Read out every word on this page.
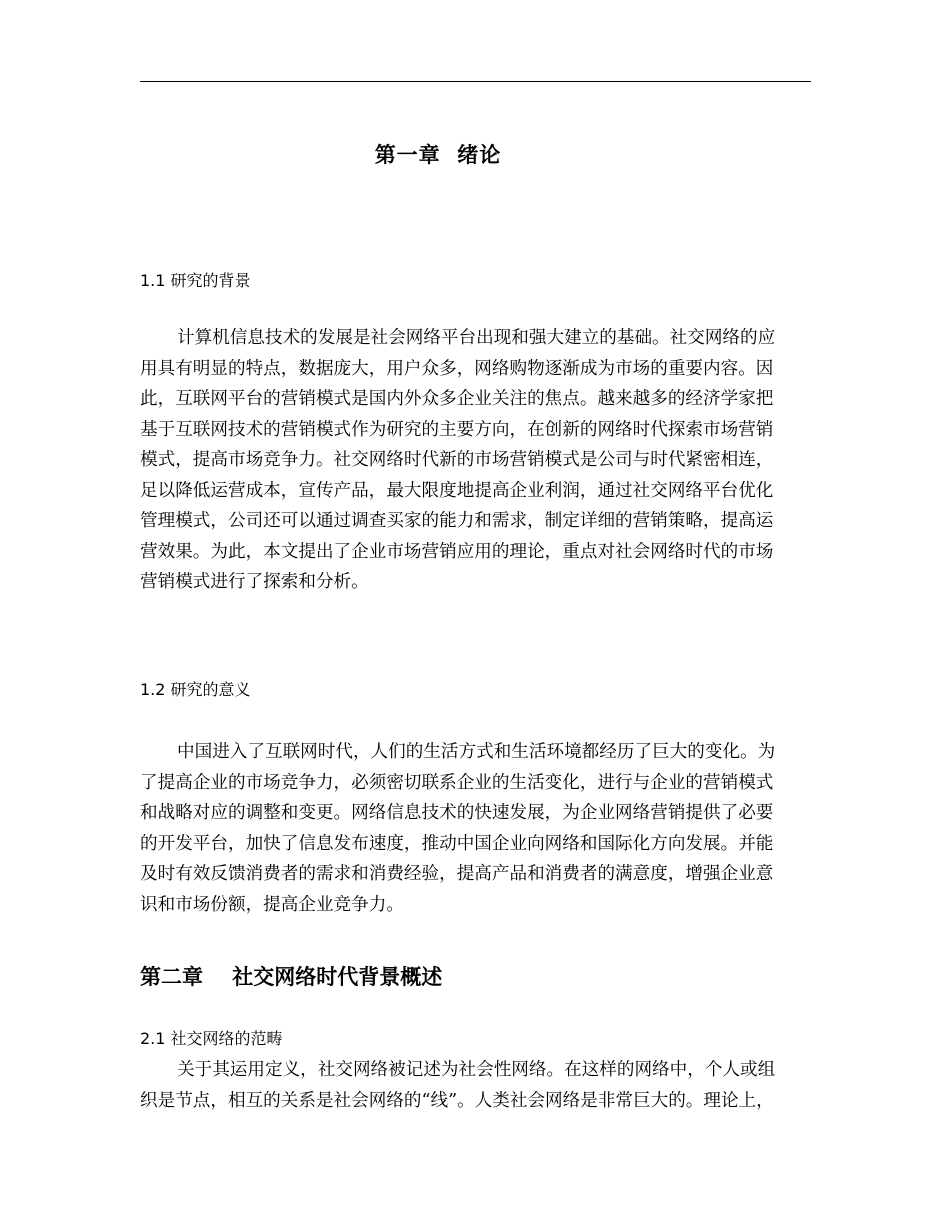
第一章  绪论
1.1 研究的背景
计算机信息技术的发展是社会网络平台出现和强大建立的基础。社交网络的应
用具有明显的特点，数据庞大，用户众多，网络购物逐渐成为市场的重要内容。因
此，互联网平台的营销模式是国内外众多企业关注的焦点。越来越多的经济学家把
基于互联网技术的营销模式作为研究的主要方向，在创新的网络时代探索市场营销
模式，提高市场竞争力。社交网络时代新的市场营销模式是公司与时代紧密相连，
足以降低运营成本，宣传产品，最大限度地提高企业利润，通过社交网络平台优化
管理模式，公司还可以通过调查买家的能力和需求，制定详细的营销策略，提高运
营效果。为此，本文提出了企业市场营销应用的理论，重点对社会网络时代的市场
营销模式进行了探索和分析。
1.2 研究的意义
中国进入了互联网时代，人们的生活方式和生活环境都经历了巨大的变化。为
了提高企业的市场竞争力，必须密切联系企业的生活变化，进行与企业的营销模式
和战略对应的调整和变更。网络信息技术的快速发展，为企业网络营销提供了必要
的开发平台，加快了信息发布速度，推动中国企业向网络和国际化方向发展。并能
及时有效反馈消费者的需求和消费经验，提高产品和消费者的满意度，增强企业意
识和市场份额，提高企业竞争力。
第二章    社交网络时代背景概述
2.1 社交网络的范畴
关于其运用定义，社交网络被记述为社会性网络。在这样的网络中，个人或组
织是节点，相互的关系是社会网络的“线”。人类社会网络是非常巨大的。理论上，
